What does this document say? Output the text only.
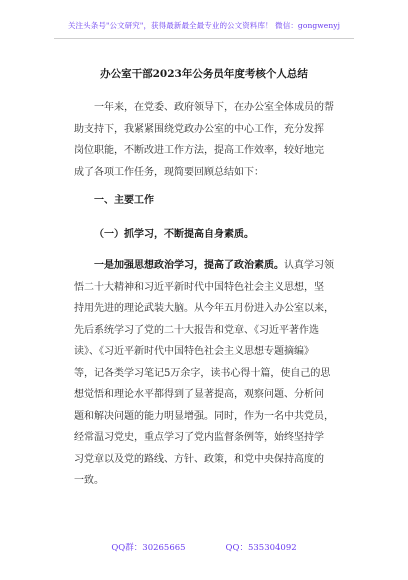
关注头条号"公文研究"，获得最新最全最专业的公文资料库！ 微信：gongwenyj
办公室干部2023年公务员年度考核个人总结
一年来，在党委、政府领导下，在办公室全体成员的帮
助支持下，我紧紧围绕党政办公室的中心工作，充分发挥
岗位职能，不断改进工作方法，提高工作效率，较好地完
成了各项工作任务，现简要回顾总结如下：
一、主要工作
（一）抓学习，不断提高自身素质。
一是加强思想政治学习，提高了政治素质。认真学习领
悟二十大精神和习近平新时代中国特色社会主义思想，坚
持用先进的理论武装大脑。从今年五月份进入办公室以来，
先后系统学习了党的二十大报告和党章、《习近平著作选
读》、《习近平新时代中国特色社会主义思想专题摘编》
等，记各类学习笔记5万余字，读书心得十篇，使自己的思
想觉悟和理论水平都得到了显著提高，观察问题、分析问
题和解决问题的能力明显增强。同时，作为一名中共党员，
经常温习党史，重点学习了党内监督条例等，始终坚持学
习党章以及党的路线、方针、政策，和党中央保持高度的
一致。
QQ群：30265665	QQ：535304092
